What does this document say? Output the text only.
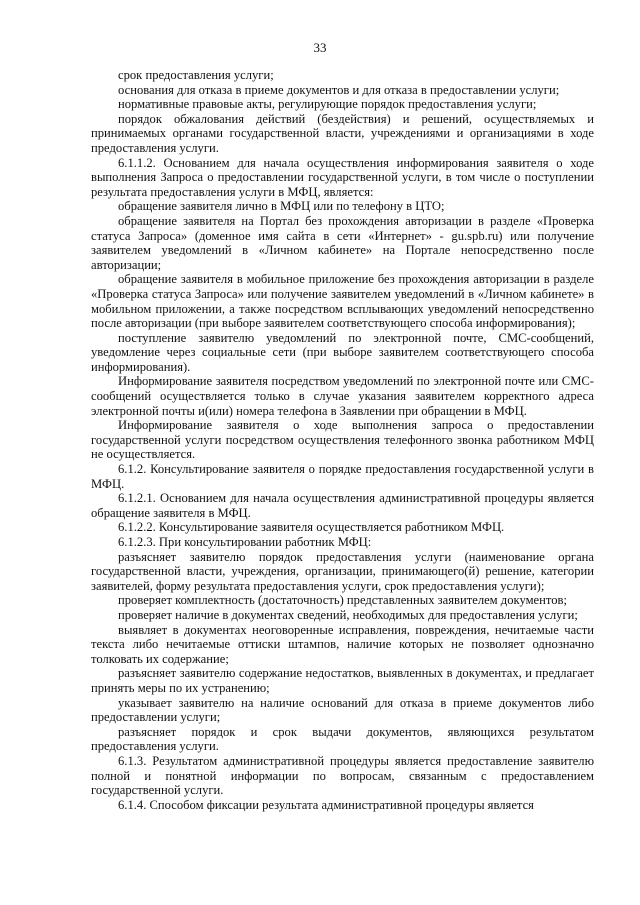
33

срок предоставления услуги;

основания для отказа в приеме документов и для отказа в предоставлении услуги;

нормативные правовые акты, регулирующие порядок предоставления услуги;

порядок обжалования действий (бездействия) и решений, осуществляемых и принимаемых органами государственной власти, учреждениями и организациями в ходе предоставления услуги.

6.1.1.2. Основанием для начала осуществления информирования заявителя о ходе выполнения Запроса о предоставлении государственной услуги, в том числе о поступлении результата предоставления услуги в МФЦ, является:

обращение заявителя лично в МФЦ или по телефону в ЦТО;

обращение заявителя на Портал без прохождения авторизации в разделе «Проверка статуса Запроса» (доменное имя сайта в сети «Интернет» - gu.spb.ru) или получение заявителем уведомлений в «Личном кабинете» на Портале непосредственно после авторизации;

обращение заявителя в мобильное приложение без прохождения авторизации в разделе «Проверка статуса Запроса» или получение заявителем уведомлений в «Личном кабинете» в мобильном приложении, а также посредством всплывающих уведомлений непосредственно после авторизации (при выборе заявителем соответствующего способа информирования);

поступление заявителю уведомлений по электронной почте, СМС-сообщений, уведомление через социальные сети (при выборе заявителем соответствующего способа информирования).

Информирование заявителя посредством уведомлений по электронной почте или СМС-сообщений осуществляется только в случае указания заявителем корректного адреса электронной почты и(или) номера телефона в Заявлении при обращении в МФЦ.

Информирование заявителя о ходе выполнения запроса о предоставлении государственной услуги посредством осуществления телефонного звонка работником МФЦ не осуществляется.

6.1.2. Консультирование заявителя о порядке предоставления государственной услуги в МФЦ.

6.1.2.1. Основанием для начала осуществления административной процедуры является обращение заявителя в МФЦ.

6.1.2.2. Консультирование заявителя осуществляется работником МФЦ.

6.1.2.3. При консультировании работник МФЦ:

разъясняет заявителю порядок предоставления услуги (наименование органа государственной власти, учреждения, организации, принимающего(й) решение, категории заявителей, форму результата предоставления услуги, срок предоставления услуги);

проверяет комплектность (достаточность) представленных заявителем документов;

проверяет наличие в документах сведений, необходимых для предоставления услуги;

выявляет в документах неоговоренные исправления, повреждения, нечитаемые части текста либо нечитаемые оттиски штампов, наличие которых не позволяет однозначно толковать их содержание;

разъясняет заявителю содержание недостатков, выявленных в документах, и предлагает принять меры по их устранению;

указывает заявителю на наличие оснований для отказа в приеме документов либо предоставлении услуги;

разъясняет порядок и срок выдачи документов, являющихся результатом предоставления услуги.

6.1.3. Результатом административной процедуры является предоставление заявителю полной и понятной информации по вопросам, связанным с предоставлением государственной услуги.

6.1.4. Способом фиксации результата административной процедуры является
